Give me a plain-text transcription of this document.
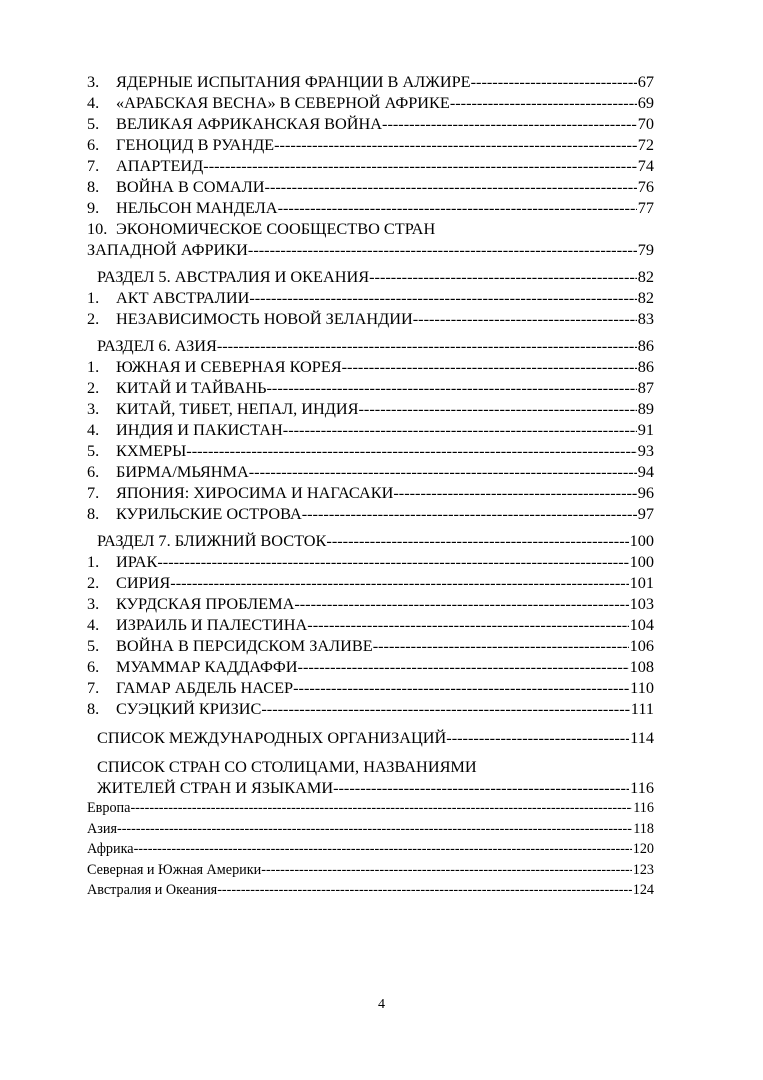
3.	ЯДЕРНЫЕ ИСПЫТАНИЯ ФРАНЦИИ В АЛЖИРЕ -----	67
4.	«АРАБСКАЯ ВЕСНА» В СЕВЕРНОЙ АФРИКЕ -----	69
5.	ВЕЛИКАЯ АФРИКАНСКАЯ ВОЙНА -----	70
6.	ГЕНОЦИД В РУАНДЕ -----	72
7.	АПАРТЕИД -----	74
8.	ВОЙНА В СОМАЛИ -----	76
9.	НЕЛЬСОН МАНДЕЛА -----	77
10. ЭКОНОМИЧЕСКОЕ СООБЩЕСТВО СТРАН
ЗАПАДНОЙ АФРИКИ -----	79
РАЗДЕЛ 5. АВСТРАЛИЯ И ОКЕАНИЯ -----	82
1.	АКТ АВСТРАЛИИ -----	82
2.	НЕЗАВИСИМОСТЬ НОВОЙ ЗЕЛАНДИИ -----	83
РАЗДЕЛ 6. АЗИЯ -----	86
1.	ЮЖНАЯ И СЕВЕРНАЯ КОРЕЯ -----	86
2.	КИТАЙ И ТАЙВАНЬ -----	87
3.	КИТАЙ, ТИБЕТ, НЕПАЛ, ИНДИЯ -----	89
4.	ИНДИЯ И ПАКИСТАН -----	91
5.	КХМЕРЫ -----	93
6.	БИРМА/МЬЯНМА -----	94
7.	ЯПОНИЯ: ХИРОСИМА И НАГАСАКИ -----	96
8.	КУРИЛЬСКИЕ ОСТРОВА -----	97
РАЗДЕЛ 7. БЛИЖНИЙ ВОСТОК -----	100
1.	ИРАК -----	100
2.	СИРИЯ -----	101
3.	КУРДСКАЯ ПРОБЛЕМА -----	103
4.	ИЗРАИЛЬ И ПАЛЕСТИНА -----	104
5.	ВОЙНА В ПЕРСИДСКОМ ЗАЛИВЕ -----	106
6.	МУАММАР КАДДАФФИ -----	108
7.	ГАМАР АБДЕЛЬ НАСЕР -----	110
8.	СУЭЦКИЙ КРИЗИС -----	111
СПИСОК МЕЖДУНАРОДНЫХ ОРГАНИЗАЦИЙ -----	114
СПИСОК СТРАН СО СТОЛИЦАМИ, НАЗВАНИЯМИ
ЖИТЕЛЕЙ СТРАН И ЯЗЫКАМИ -----	116
Европа -----	116
Азия -----	118
Африка -----	120
Северная и Южная Америки -----	123
Австралия и Океания -----	124
4
